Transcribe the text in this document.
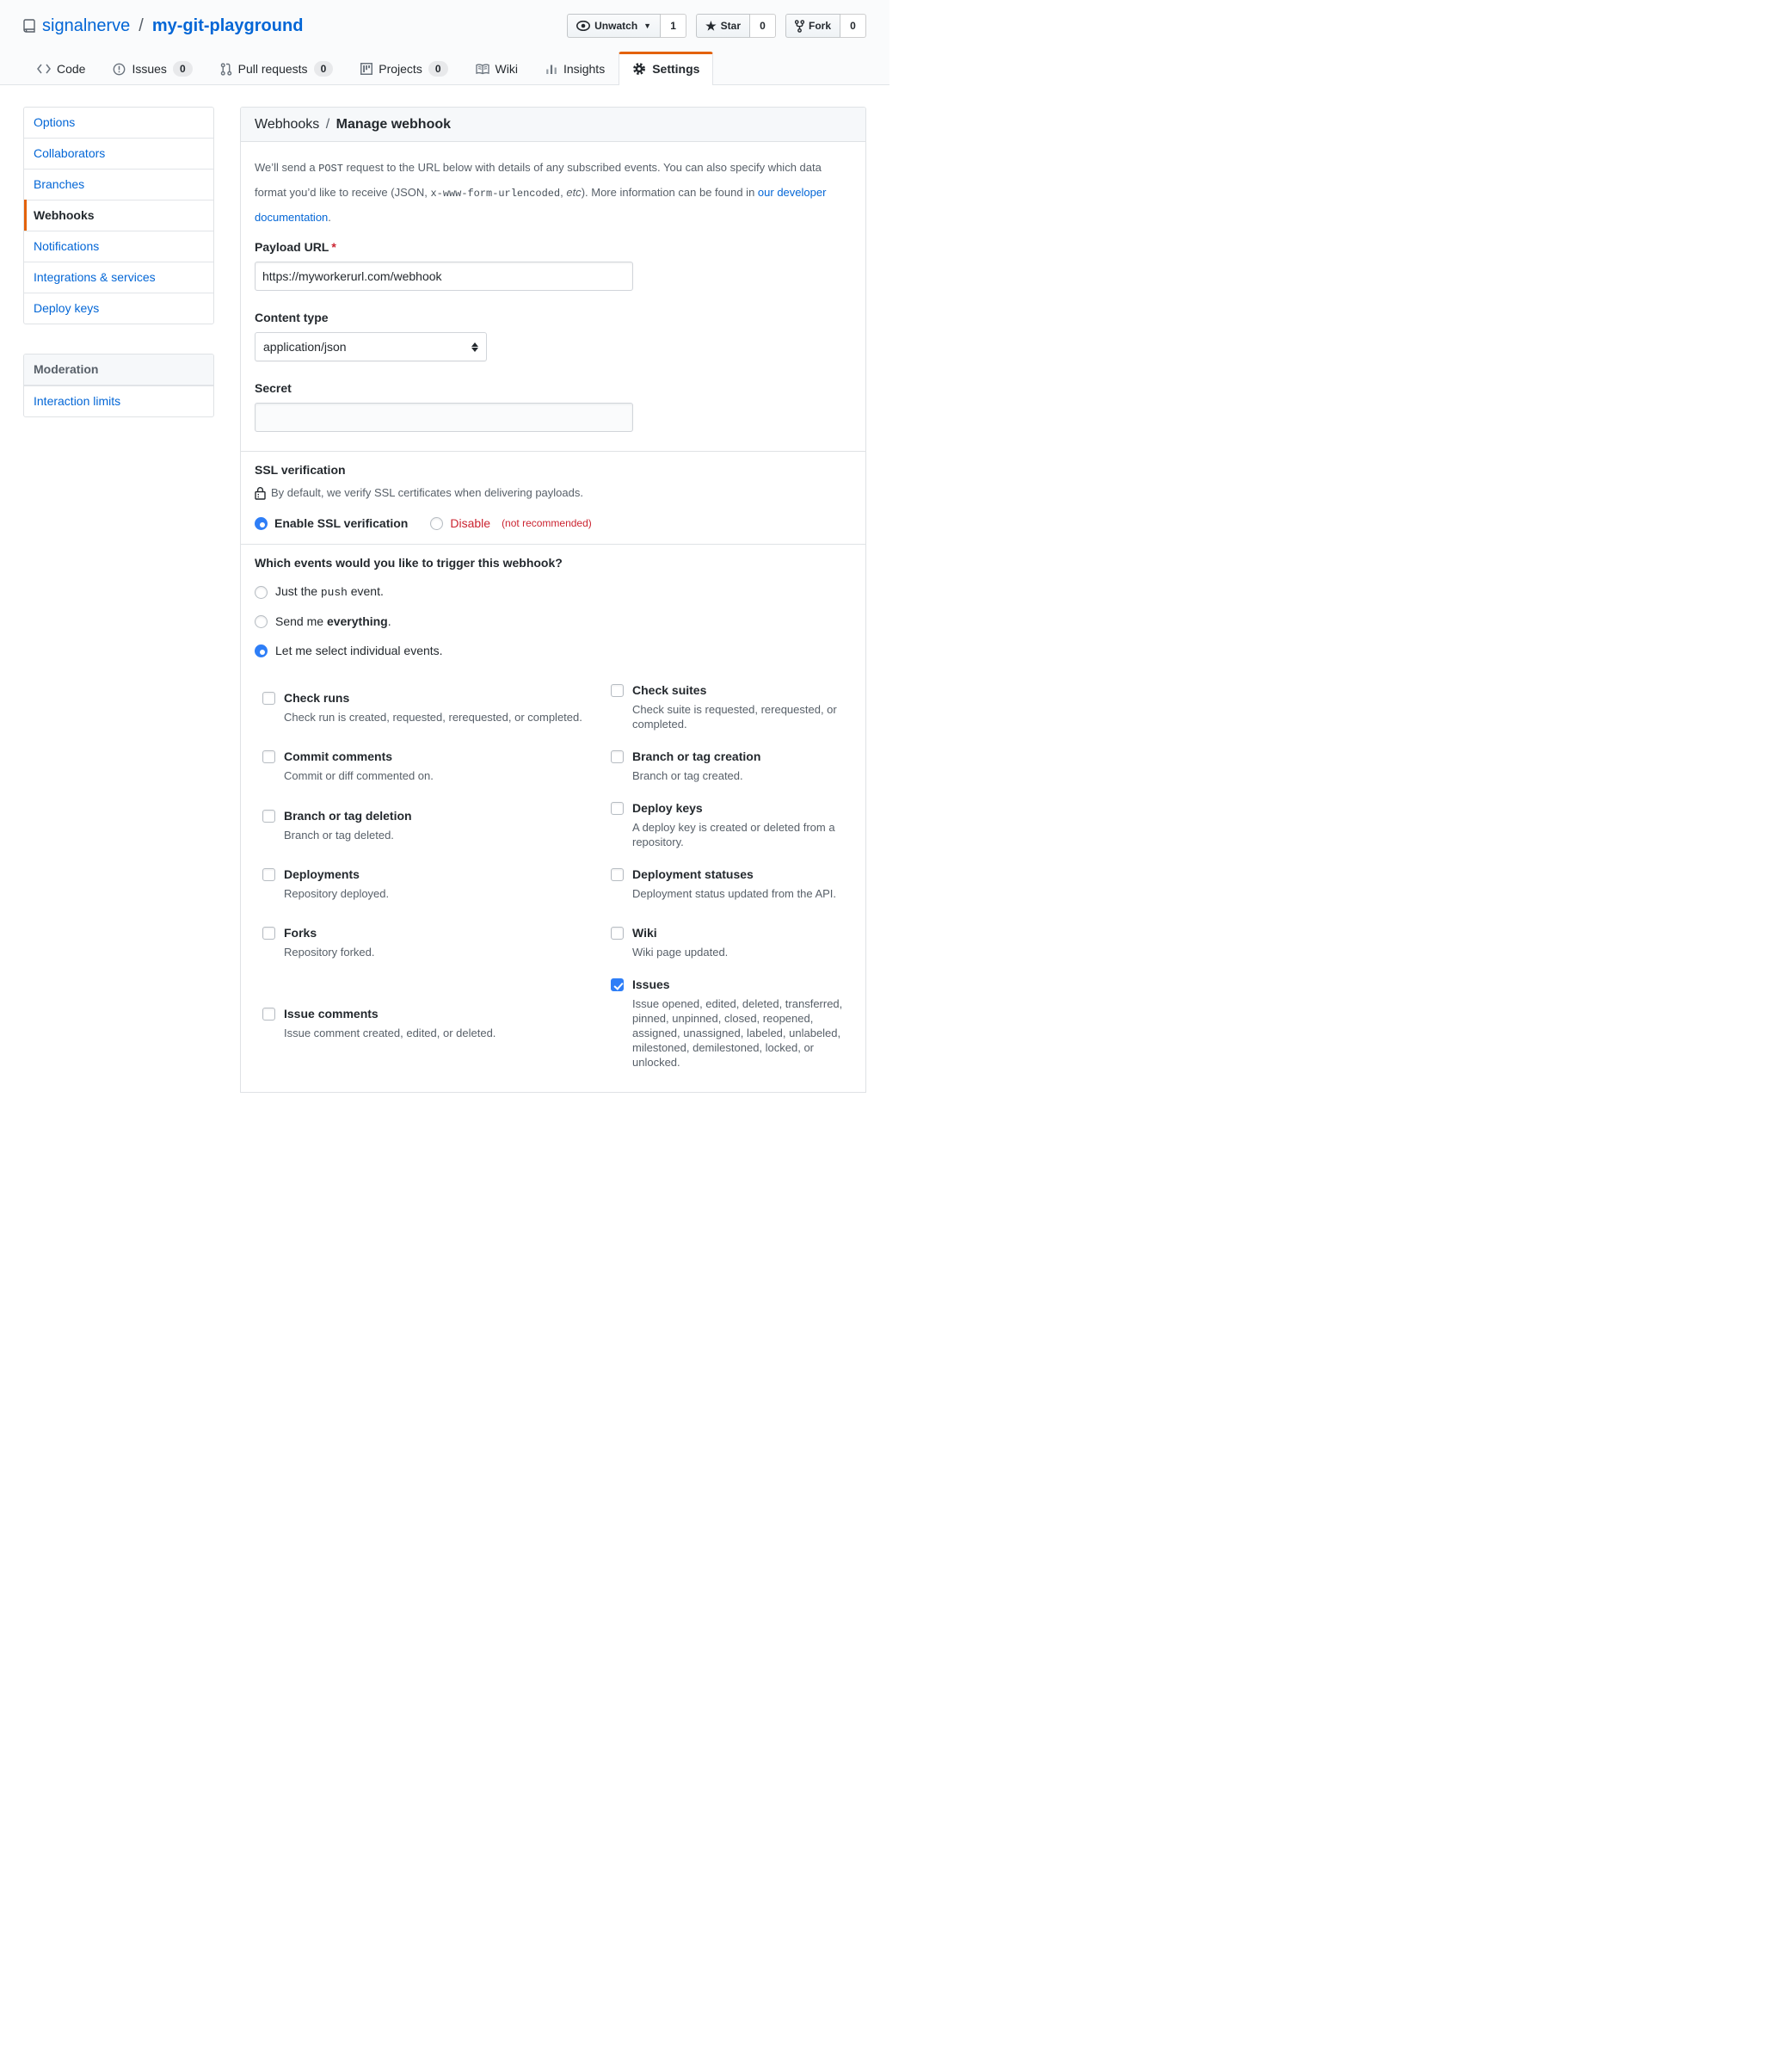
signalnerve / my-git-playground	Unwatch ▼	1	★ Star	0	Fork	0
Code	Issues	0	Pull requests	0	Projects	0	Wiki	Insights	Settings
Options
Collaborators
Branches
Webhooks
Notifications
Integrations & services
Deploy keys
Moderation
Interaction limits
Webhooks / Manage webhook

We’ll send a POST request to the URL below with details of any subscribed events. You can also specify which data format you’d like to receive (JSON, x-www-form-urlencoded, etc). More information can be found in our developer documentation.

Payload URL *
https://myworkerurl.com/webhook
Content type
application/json
Secret
SSL verification
By default, we verify SSL certificates when delivering payloads.
Enable SSL verification	Disable (not recommended)
Which events would you like to trigger this webhook?
Just the push event.
Send me everything.
Let me select individual events.
Check runs
Check run is created, requested, rerequested, or completed.
Check suites
Check suite is requested, rerequested, or completed.
Commit comments
Commit or diff commented on.
Branch or tag creation
Branch or tag created.
Branch or tag deletion
Branch or tag deleted.
Deploy keys
A deploy key is created or deleted from a repository.
Deployments
Repository deployed.
Deployment statuses
Deployment status updated from the API.
Forks
Repository forked.
Wiki
Wiki page updated.
Issue comments
Issue comment created, edited, or deleted.
Issues
Issue opened, edited, deleted, transferred, pinned, unpinned, closed, reopened, assigned, unassigned, labeled, unlabeled, milestoned, demilestoned, locked, or unlocked.
